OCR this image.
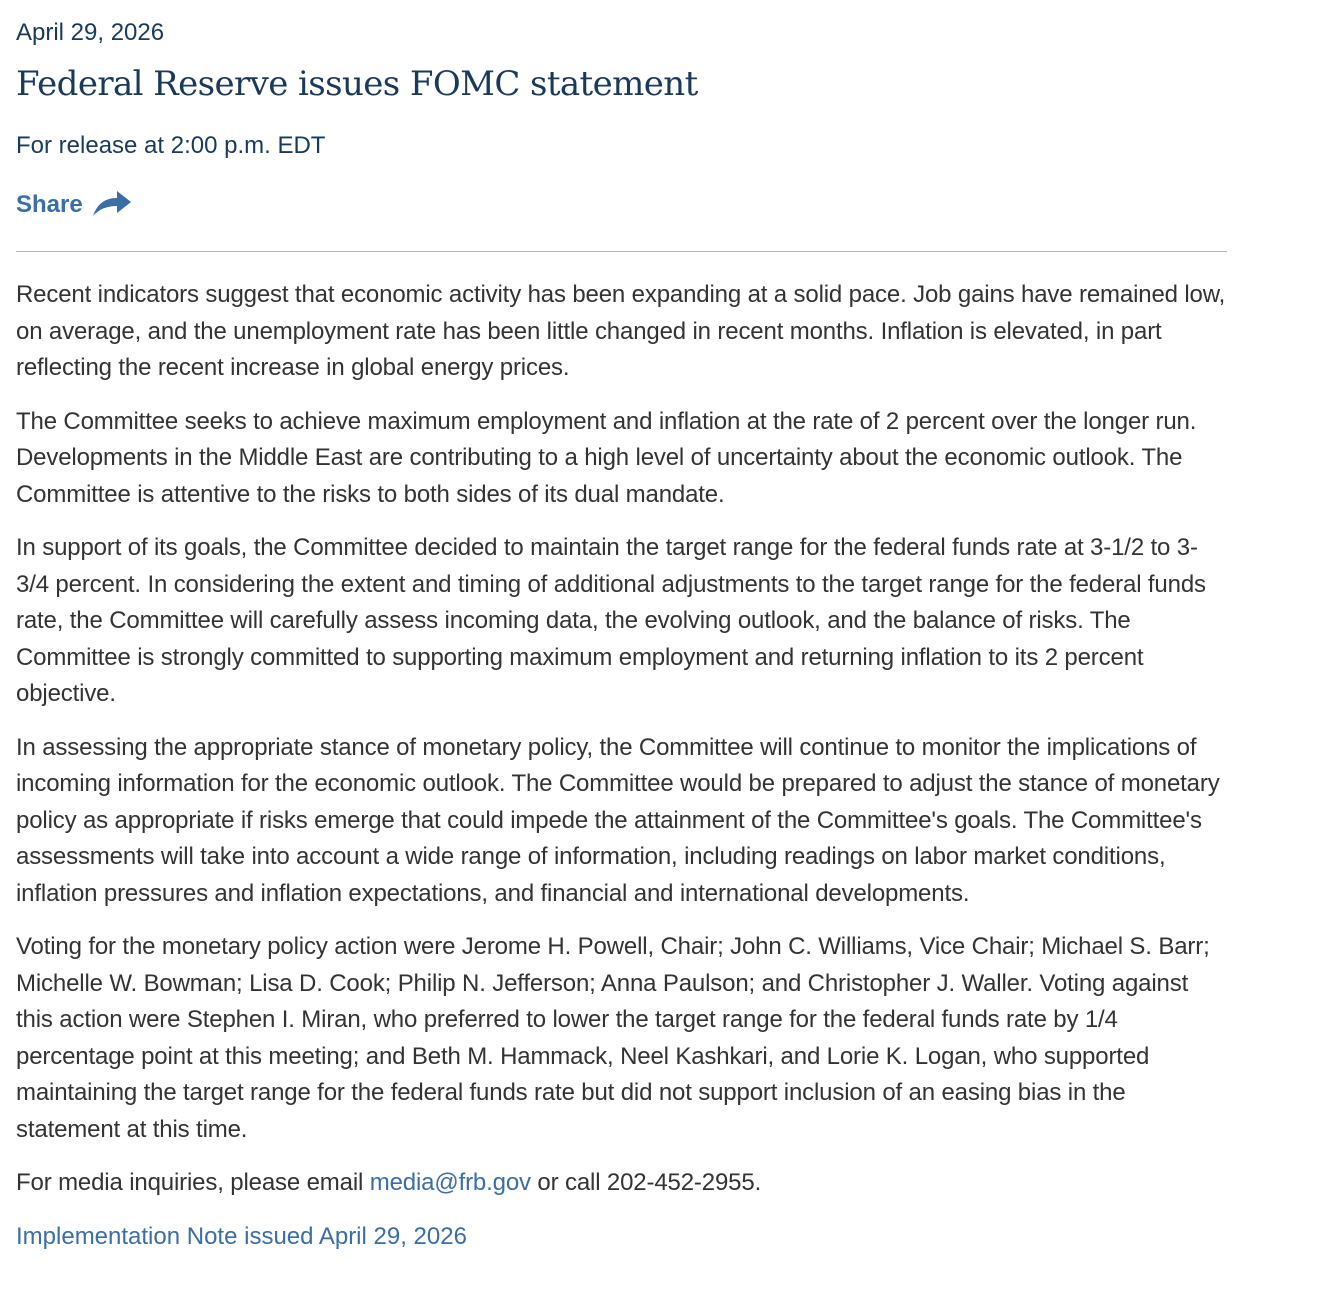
April 29, 2026

Federal Reserve issues FOMC statement

For release at 2:00 p.m. EDT

Share

Recent indicators suggest that economic activity has been expanding at a solid pace. Job gains have remained low, on average, and the unemployment rate has been little changed in recent months. Inflation is elevated, in part reflecting the recent increase in global energy prices.

The Committee seeks to achieve maximum employment and inflation at the rate of 2 percent over the longer run. Developments in the Middle East are contributing to a high level of uncertainty about the economic outlook. The Committee is attentive to the risks to both sides of its dual mandate.

In support of its goals, the Committee decided to maintain the target range for the federal funds rate at 3-1/2 to 3-3/4 percent. In considering the extent and timing of additional adjustments to the target range for the federal funds rate, the Committee will carefully assess incoming data, the evolving outlook, and the balance of risks. The Committee is strongly committed to supporting maximum employment and returning inflation to its 2 percent objective.

In assessing the appropriate stance of monetary policy, the Committee will continue to monitor the implications of incoming information for the economic outlook. The Committee would be prepared to adjust the stance of monetary policy as appropriate if risks emerge that could impede the attainment of the Committee's goals. The Committee's assessments will take into account a wide range of information, including readings on labor market conditions, inflation pressures and inflation expectations, and financial and international developments.

Voting for the monetary policy action were Jerome H. Powell, Chair; John C. Williams, Vice Chair; Michael S. Barr; Michelle W. Bowman; Lisa D. Cook; Philip N. Jefferson; Anna Paulson; and Christopher J. Waller. Voting against this action were Stephen I. Miran, who preferred to lower the target range for the federal funds rate by 1/4 percentage point at this meeting; and Beth M. Hammack, Neel Kashkari, and Lorie K. Logan, who supported maintaining the target range for the federal funds rate but did not support inclusion of an easing bias in the statement at this time.

For media inquiries, please email media@frb.gov or call 202-452-2955.

Implementation Note issued April 29, 2026
